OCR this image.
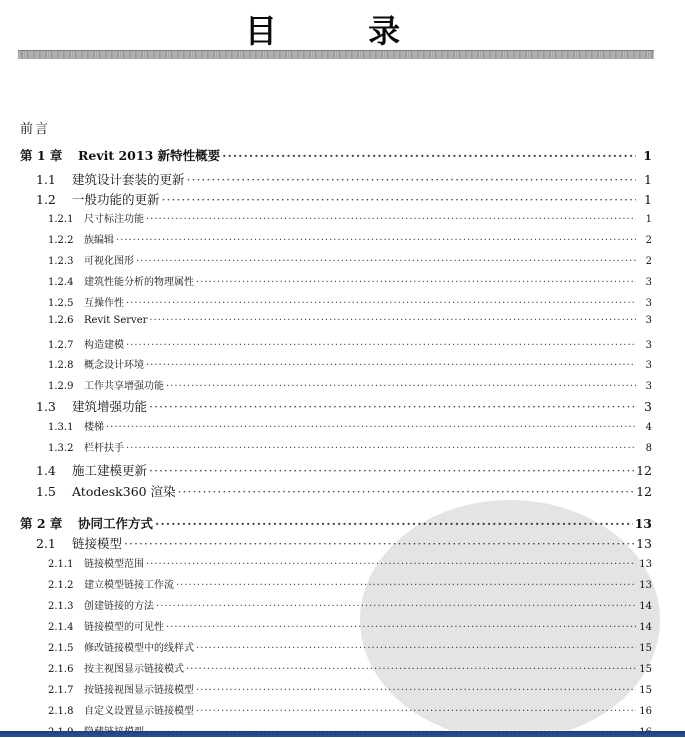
目 录
前言
第 1 章	Revit 2013 新特性概要 ·····	1
1.1	建筑设计套装的更新 ·····	1
1.2	一般功能的更新 ·····	1
1.2.1	尺寸标注功能 ·····	1
1.2.2	族编辑 ·····	2
1.2.3	可视化图形 ·····	2
1.2.4	建筑性能分析的物理属性 ·····	3
1.2.5	互操作性 ·····	3
1.2.6	Revit Server ·····	3
1.2.7	构造建模 ·····	3
1.2.8	概念设计环境 ·····	3
1.2.9	工作共享增强功能 ·····	3
1.3	建筑增强功能 ·····	3
1.3.1	楼梯 ·····	4
1.3.2	栏杆扶手 ·····	8
1.4	施工建模更新 ·····	12
1.5	Atodesk360 渲染 ·····	12
第 2 章	协同工作方式 ·····	13
2.1	链接模型 ·····	13
2.1.1	链接模型范围 ·····	13
2.1.2	建立模型链接工作流 ·····	13
2.1.3	创建链接的方法 ·····	14
2.1.4	链接模型的可见性 ·····	14
2.1.5	修改链接模型中的线样式 ·····	15
2.1.6	按主视图显示链接模式 ·····	15
2.1.7	按链接视图显示链接模型 ·····	15
2.1.8	自定义设置显示链接模型 ·····	16
·····
